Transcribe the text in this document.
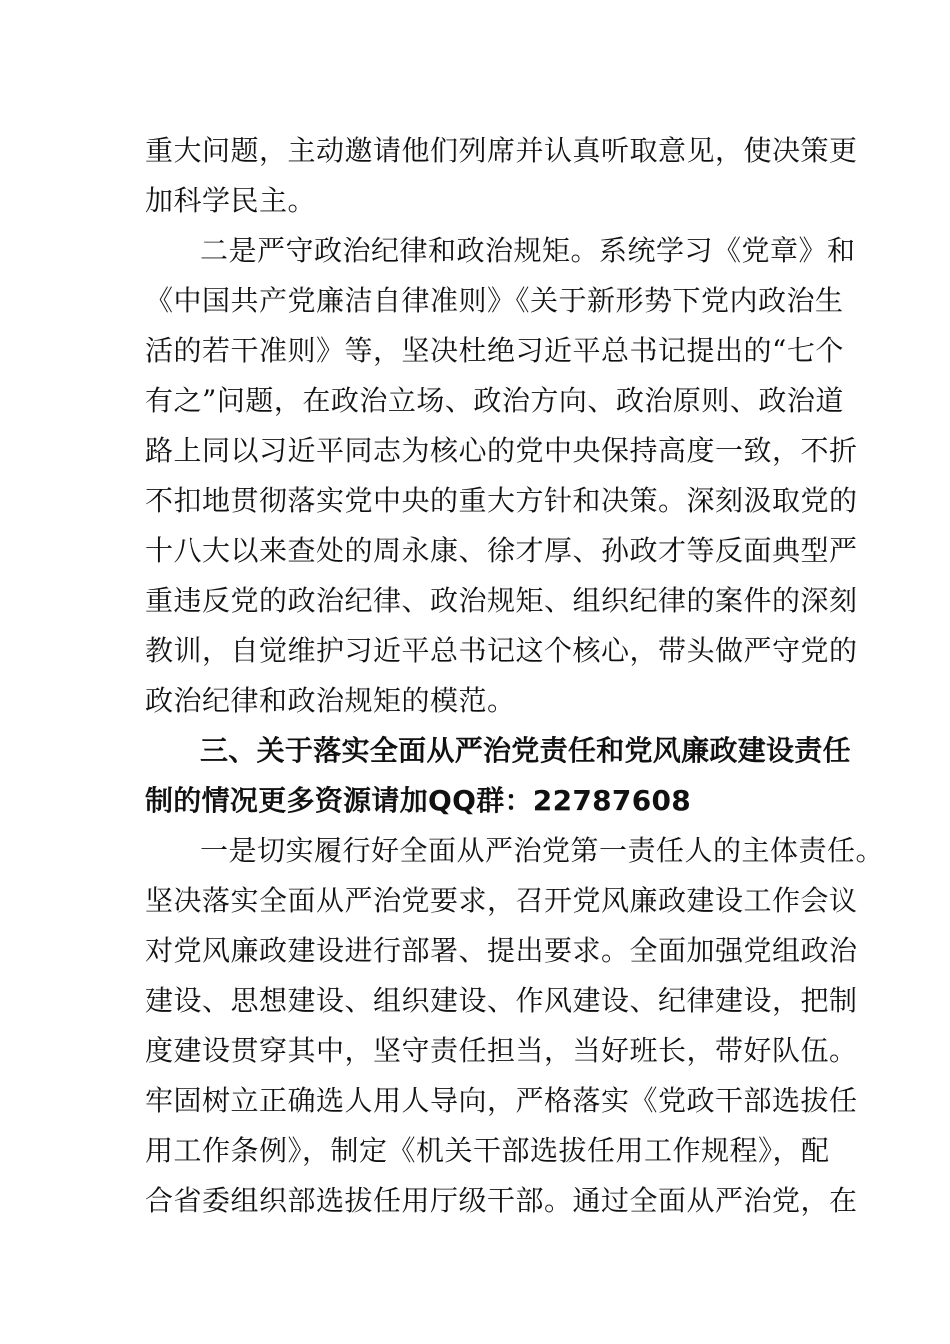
重大问题，主动邀请他们列席并认真听取意见，使决策更
加科学民主。
二是严守政治纪律和政治规矩。系统学习《党章》和
《中国共产党廉洁自律准则》《关于新形势下党内政治生
活的若干准则》等，坚决杜绝习近平总书记提出的“七个
有之”问题，在政治立场、政治方向、政治原则、政治道
路上同以习近平同志为核心的党中央保持高度一致，不折
不扣地贯彻落实党中央的重大方针和决策。深刻汲取党的
十八大以来查处的周永康、徐才厚、孙政才等反面典型严
重违反党的政治纪律、政治规矩、组织纪律的案件的深刻
教训，自觉维护习近平总书记这个核心，带头做严守党的
政治纪律和政治规矩的模范。
三、关于落实全面从严治党责任和党风廉政建设责任
制的情况更多资源请加QQ群：22787608
一是切实履行好全面从严治党第一责任人的主体责任。
坚决落实全面从严治党要求，召开党风廉政建设工作会议
对党风廉政建设进行部署、提出要求。全面加强党组政治
建设、思想建设、组织建设、作风建设、纪律建设，把制
度建设贯穿其中，坚守责任担当，当好班长，带好队伍。
牢固树立正确选人用人导向，严格落实《党政干部选拔任
用工作条例》，制定《机关干部选拔任用工作规程》，配
合省委组织部选拔任用厅级干部。通过全面从严治党，在
